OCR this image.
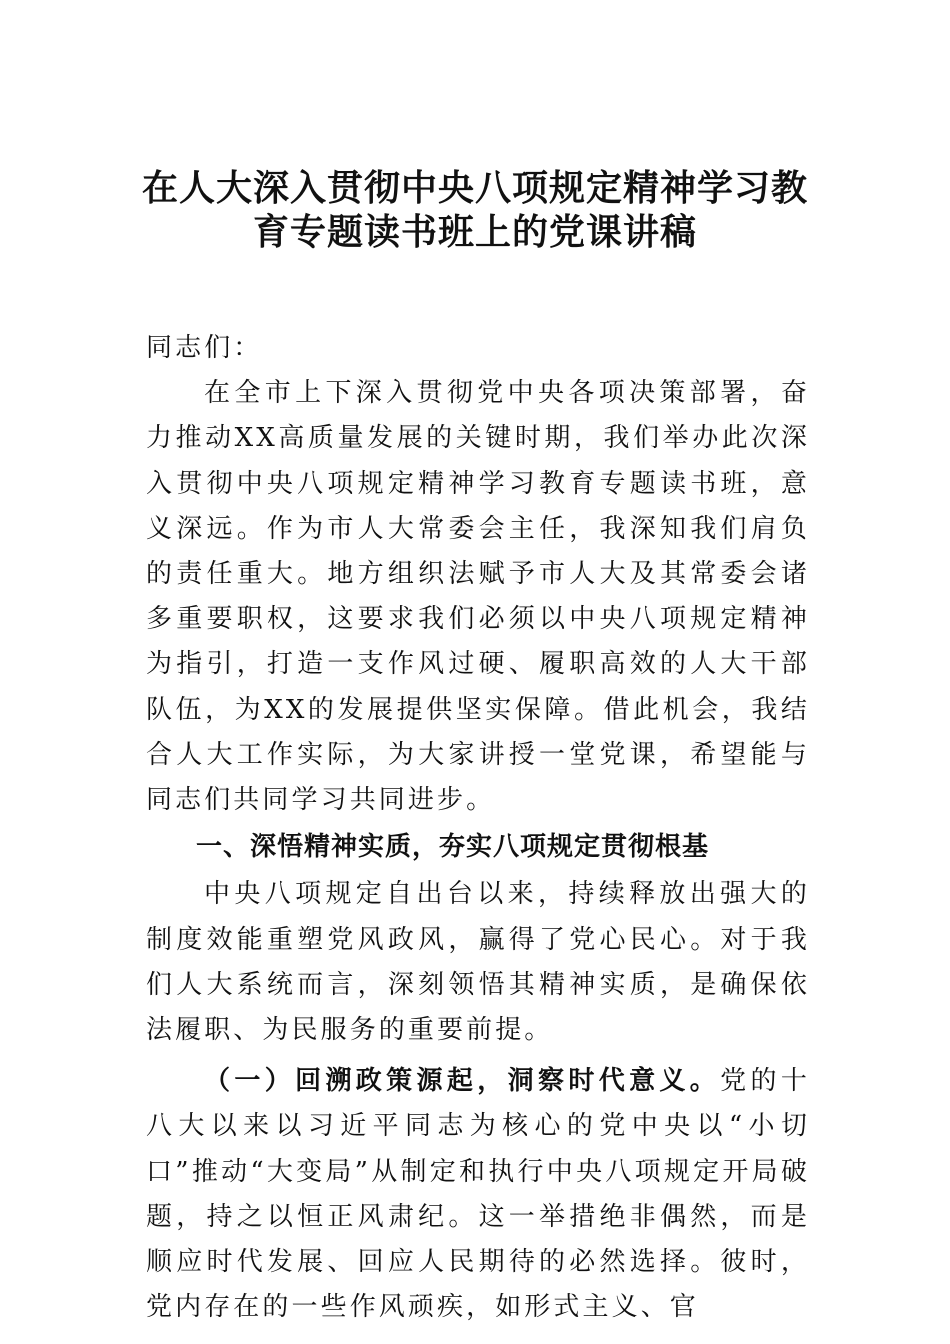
在人大深入贯彻中央八项规定精神学习教
育专题读书班上的党课讲稿

同志们：

在全市上下深入贯彻党中央各项决策部署，奋力推动XX高质量发展的关键时期，我们举办此次深入贯彻中央八项规定精神学习教育专题读书班，意义深远。作为市人大常委会主任，我深知我们肩负的责任重大。地方组织法赋予市人大及其常委会诸多重要职权，这要求我们必须以中央八项规定精神为指引，打造一支作风过硬、履职高效的人大干部队伍，为XX的发展提供坚实保障。借此机会，我结合人大工作实际，为大家讲授一堂党课，希望能与同志们共同学习共同进步。

一、深悟精神实质，夯实八项规定贯彻根基

中央八项规定自出台以来，持续释放出强大的制度效能重塑党风政风，赢得了党心民心。对于我们人大系统而言，深刻领悟其精神实质，是确保依法履职、为民服务的重要前提。

（一）回溯政策源起，洞察时代意义。党的十八大以来以习近平同志为核心的党中央以“小切口”推动“大变局”从制定和执行中央八项规定开局破题，持之以恒正风肃纪。这一举措绝非偶然，而是顺应时代发展、回应人民期待的必然选择。彼时，党内存在的一些作风顽疾，如形式主义、官
